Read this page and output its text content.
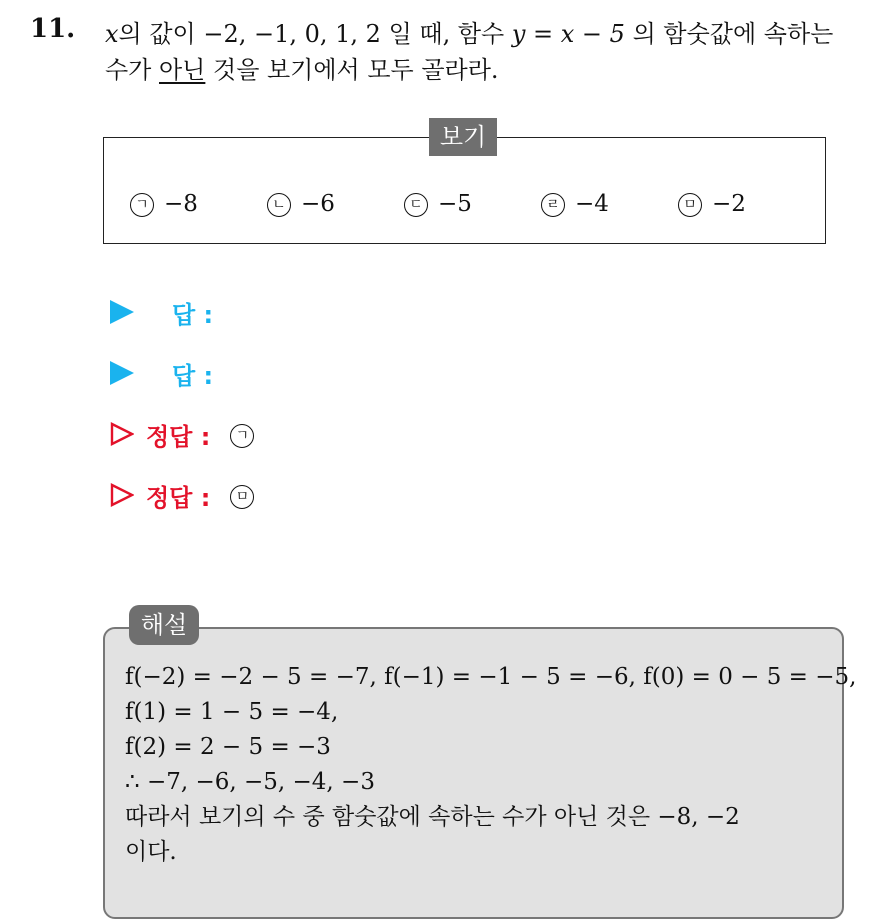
11. x의 값이 −2, −1, 0, 1, 2 일 때, 함수 y = x − 5 의 함숫값에 속하는
수가 아닌 것을 보기에서 모두 골라라.
보기
ㄱ −8	ㄴ −6	ㄷ −5	ㄹ −4	ㅁ −2
답 :
답 :
정답 :	ㄱ
정답 :	ㅁ
해설
f(−2) = −2 − 5 = −7, f(−1) = −1 − 5 = −6, f(0) = 0 − 5 = −5,
f(1) = 1 − 5 = −4,
f(2) = 2 − 5 = −3
∴ −7, −6, −5, −4, −3
따라서 보기의 수 중 함숫값에 속하는 수가 아닌 것은 −8, −2
이다.
